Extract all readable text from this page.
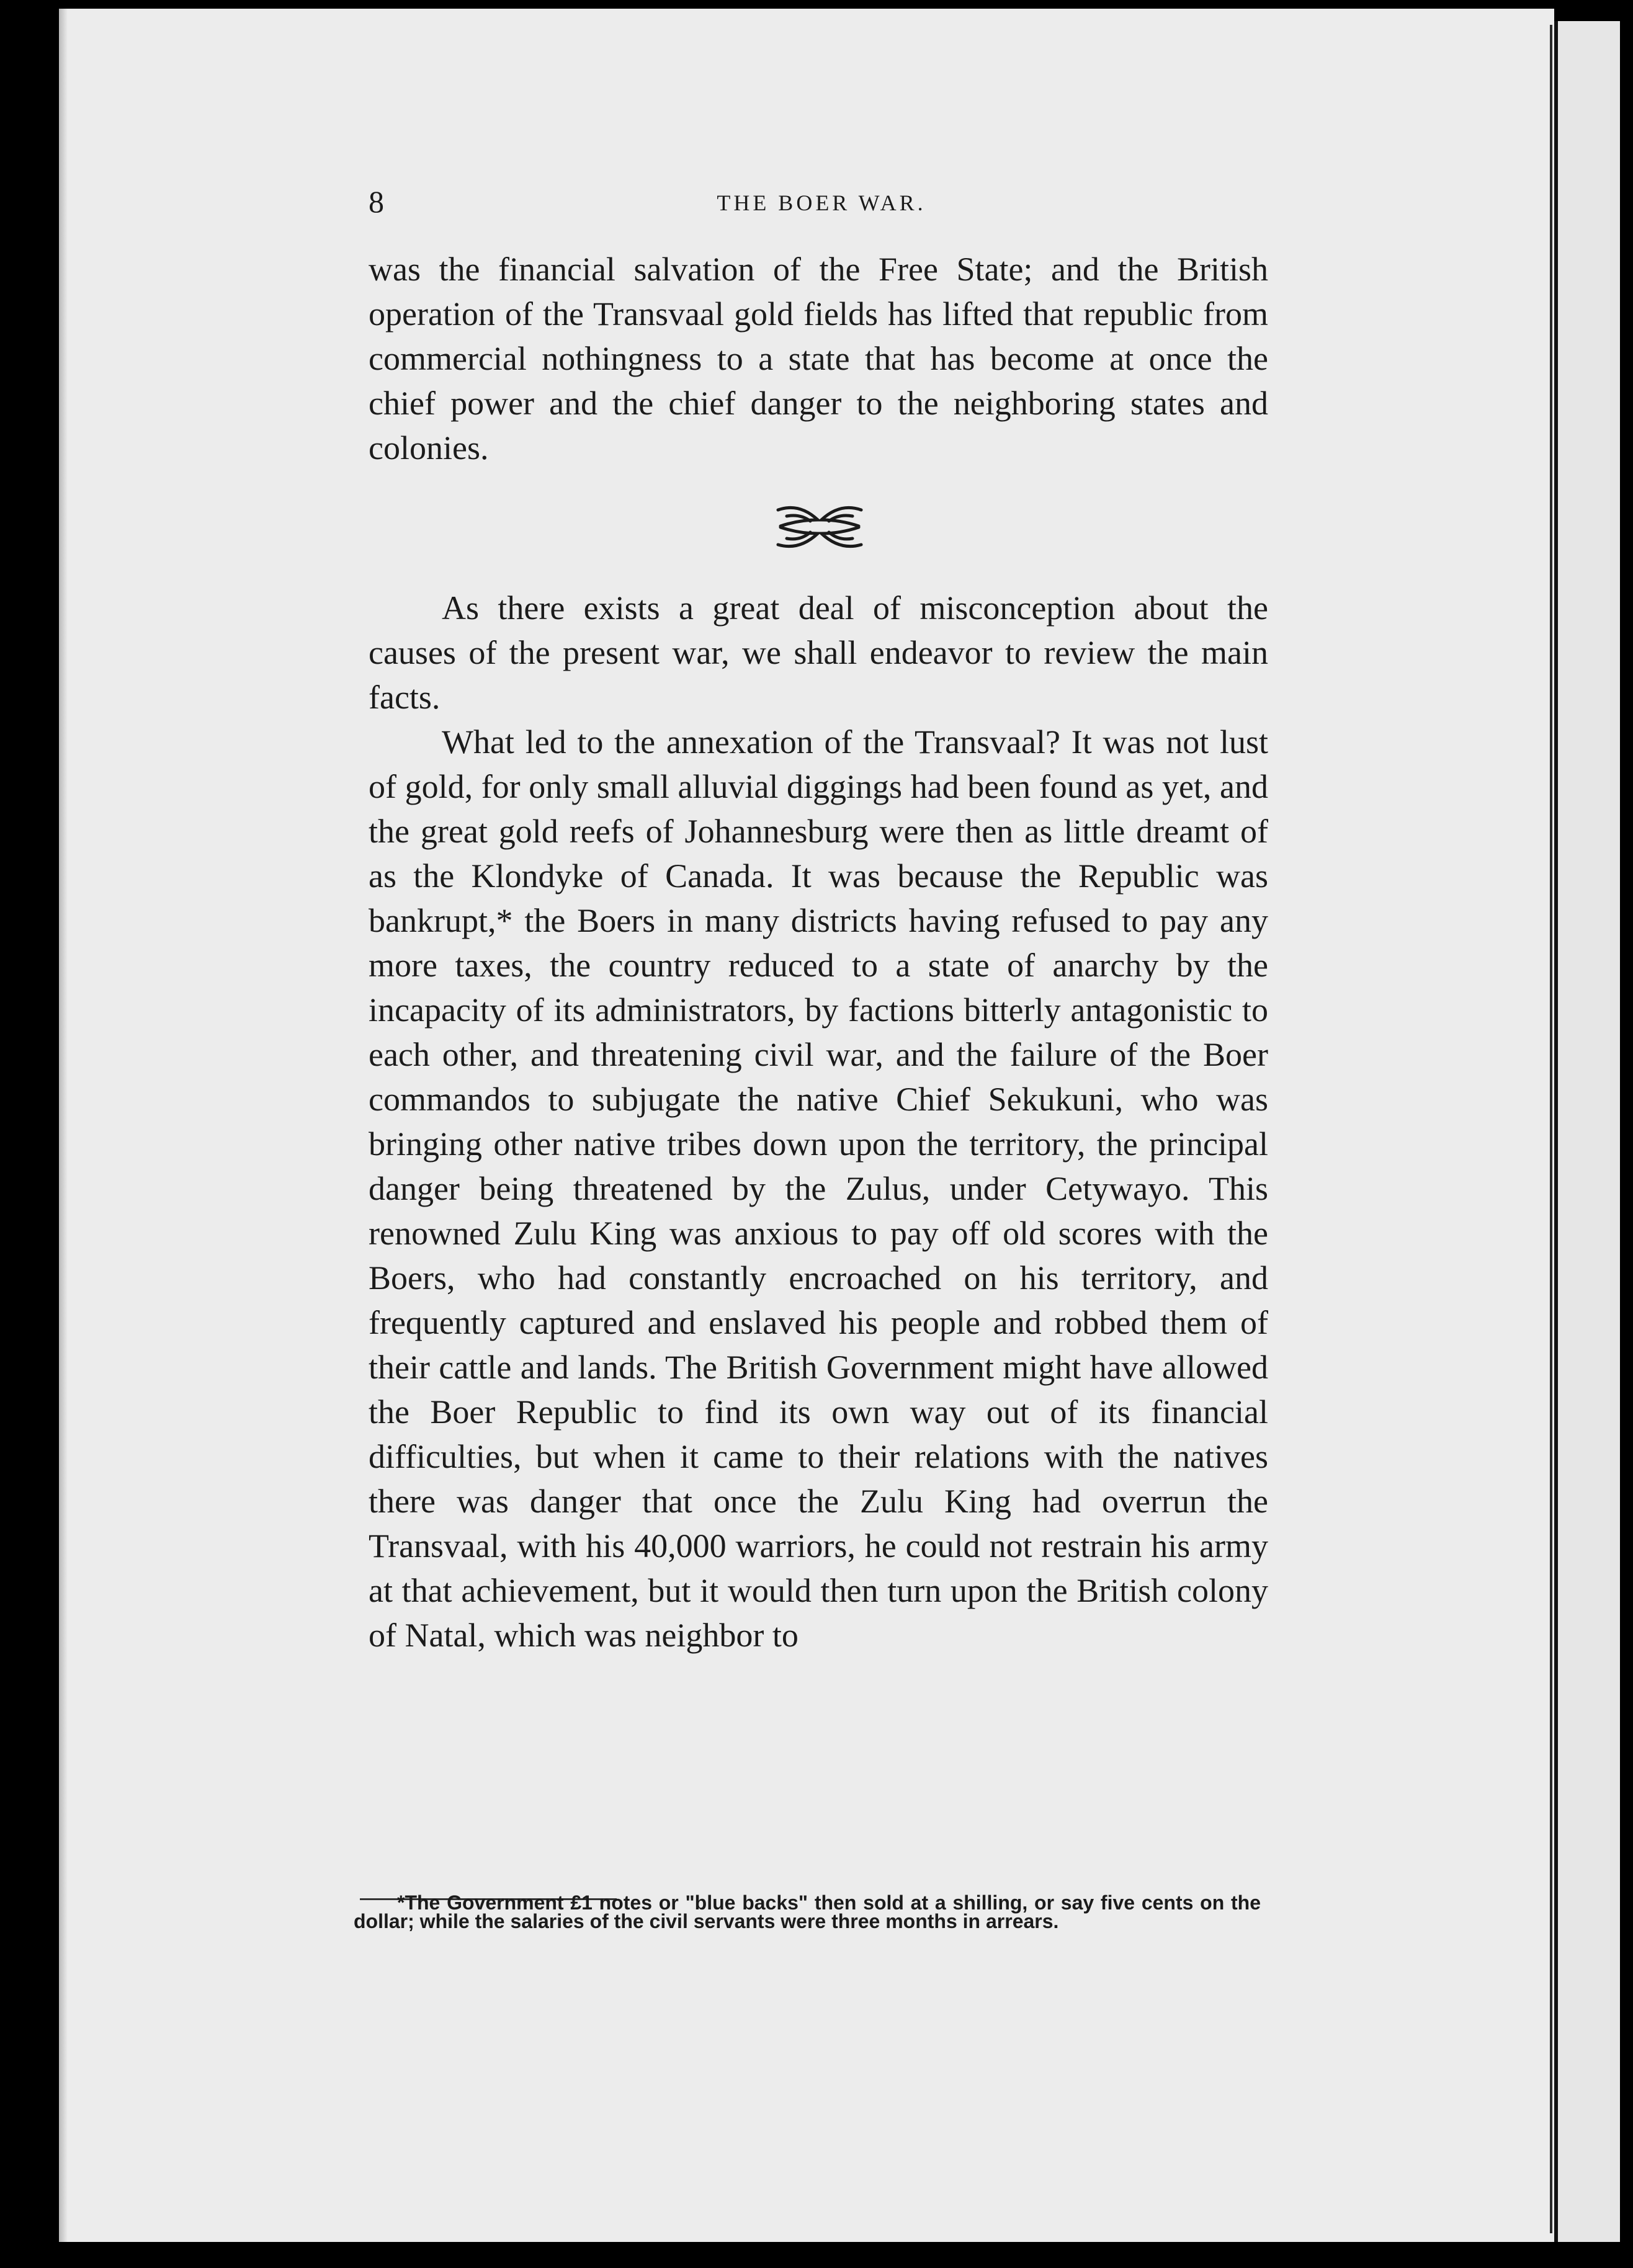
8	THE BOER WAR.

was the financial salvation of the Free State; and the British operation of the Transvaal gold fields has lifted that republic from commercial nothingness to a state that has become at once the chief power and the chief danger to the neighboring states and colonies.

As there exists a great deal of misconception about the causes of the present war, we shall endeavor to review the main facts.

What led to the annexation of the Transvaal? It was not lust of gold, for only small alluvial diggings had been found as yet, and the great gold reefs of Johannesburg were then as little dreamt of as the Klondyke of Canada. It was because the Republic was bankrupt,* the Boers in many districts having refused to pay any more taxes, the country reduced to a state of anarchy by the incapacity of its administrators, by factions bitterly antagonistic to each other, and threatening civil war, and the failure of the Boer commandos to subjugate the native Chief Sekukuni, who was bringing other native tribes down upon the territory, the principal danger being threatened by the Zulus, under Cetywayo. This renowned Zulu King was anxious to pay off old scores with the Boers, who had constantly encroached on his territory, and frequently captured and enslaved his people and robbed them of their cattle and lands. The British Government might have allowed the Boer Republic to find its own way out of its financial difficulties, but when it came to their relations with the natives there was danger that once the Zulu King had overrun the Transvaal, with his 40,000 warriors, he could not restrain his army at that achievement, but it would then turn upon the British colony of Natal, which was neighbor to

*The Government £1 notes or "blue backs" then sold at a shilling, or say five cents on the dollar; while the salaries of the civil servants were three months in arrears.
